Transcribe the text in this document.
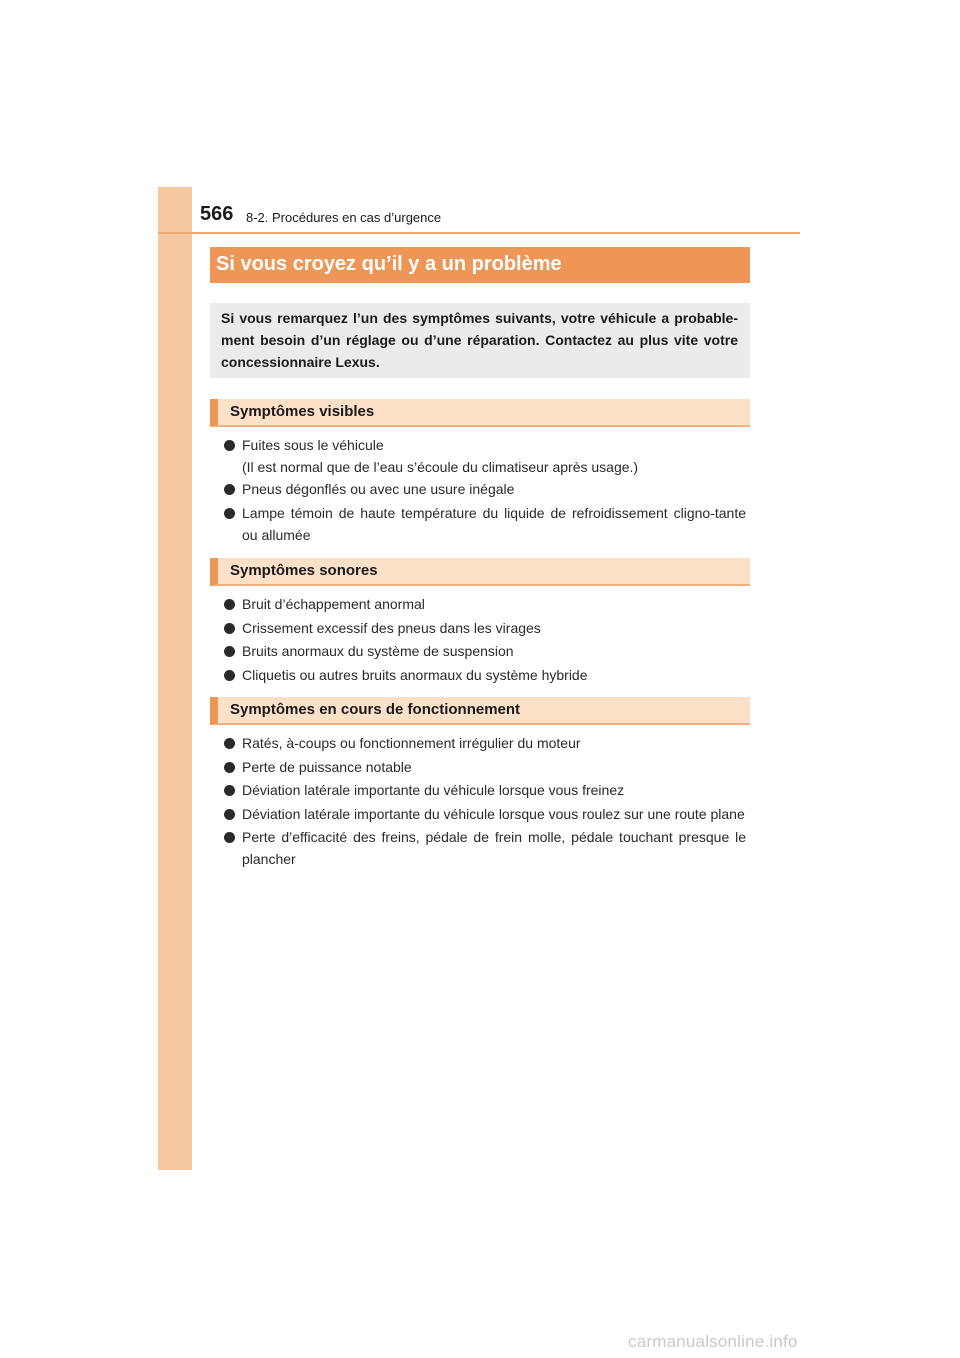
566 8-2. Procédures en cas d’urgence
Si vous croyez qu’il y a un problème
Si vous remarquez l’un des symptômes suivants, votre véhicule a probable-ment besoin d’un réglage ou d’une réparation. Contactez au plus vite votre concessionnaire Lexus.
Symptômes visibles
Fuites sous le véhicule
(Il est normal que de l’eau s’écoule du climatiseur après usage.)
Pneus dégonflés ou avec une usure inégale
Lampe témoin de haute température du liquide de refroidissement cligno-tante ou allumée
Symptômes sonores
Bruit d’échappement anormal
Crissement excessif des pneus dans les virages
Bruits anormaux du système de suspension
Cliquetis ou autres bruits anormaux du système hybride
Symptômes en cours de fonctionnement
Ratés, à-coups ou fonctionnement irrégulier du moteur
Perte de puissance notable
Déviation latérale importante du véhicule lorsque vous freinez
Déviation latérale importante du véhicule lorsque vous roulez sur une route plane
Perte d’efficacité des freins, pédale de frein molle, pédale touchant presque le plancher
carmanualsonline.info
